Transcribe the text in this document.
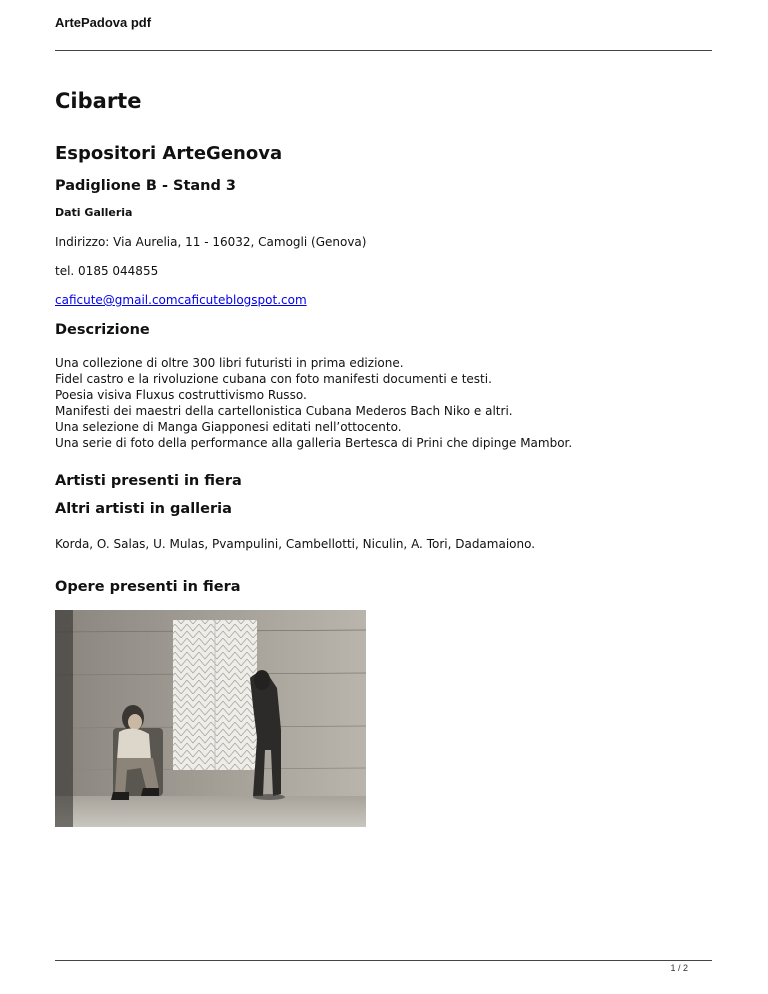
ArtePadova pdf
Cibarte
Espositori ArteGenova
Padiglione B - Stand 3
Dati Galleria

Indirizzo: Via Aurelia, 11 - 16032, Camogli (Genova)

tel. 0185 044855

caficute@gmail.comcaficuteblogspot.com

Descrizione
Una collezione di oltre 300 libri futuristi in prima edizione.
Fidel castro e la rivoluzione cubana con foto manifesti documenti e testi.
Poesia visiva Fluxus costruttivismo Russo.
Manifesti dei maestri della cartellonistica Cubana Mederos Bach Niko e altri.
Una selezione di Manga Giapponesi editati nell’ottocento.
Una serie di foto della performance alla galleria Bertesca di Prini che dipinge Mambor.
Artisti presenti in fiera
Altri artisti in galleria

Korda, O. Salas, U. Mulas, Pvampulini, Cambellotti, Niculin, A. Tori, Dadamaiono.

Opere presenti in fiera
1 / 2
